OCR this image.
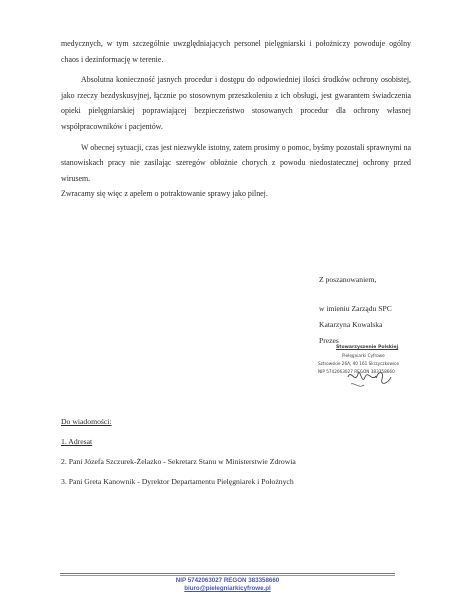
medycznych, w tym szczególnie uwzględniających personel pielęgniarski i położniczy powoduje ogólny chaos i dezinformację w terenie.

Absolutna konieczność jasnych procedur i dostępu do odpowiedniej ilości środków ochrony osobistej, jako rzeczy bezdyskusyjnej, łącznie po stosownym przeszkoleniu z ich obsługi, jest gwarantem świadczenia opieki pielęgniarskiej poprawiającej bezpieczeństwo stosowanych procedur dla ochrony własnej współpracowników i pacjentów.

W obecnej sytuacji, czas jest niezwykle istotny, zatem prosimy o pomoc, byśmy pozostali sprawnymi na stanowiskach pracy nie zasilając szeregów obłożnie chorych z powodu niedostatecznej ochrony przed wirusem.

Zwracamy się więc z apelem o potraktowanie sprawy jako pilnej.

Z poszanowaniem,
w imieniu Zarządu SPC
Katarzyna Kowalska
Prezes
Stowarzyszenie Polskiej
Pielęgniarki Cyfrowe
Sztrowskie 26A, 40 161 Skrzyczkowice
NIP 5742063027 REGON 383358660
Do wiadomości:
1. Adresat
2. Pani Józefa Szczurek-Żelazko - Sekretarz Stanu w Ministerstwie Zdrowia
3. Pani Greta Kanownik - Dyrektor Departamentu Pielęgniarek i Położnych
NIP 5742063027 REGON 383358660
biuro@pielegniarkicyfrowe.pl
